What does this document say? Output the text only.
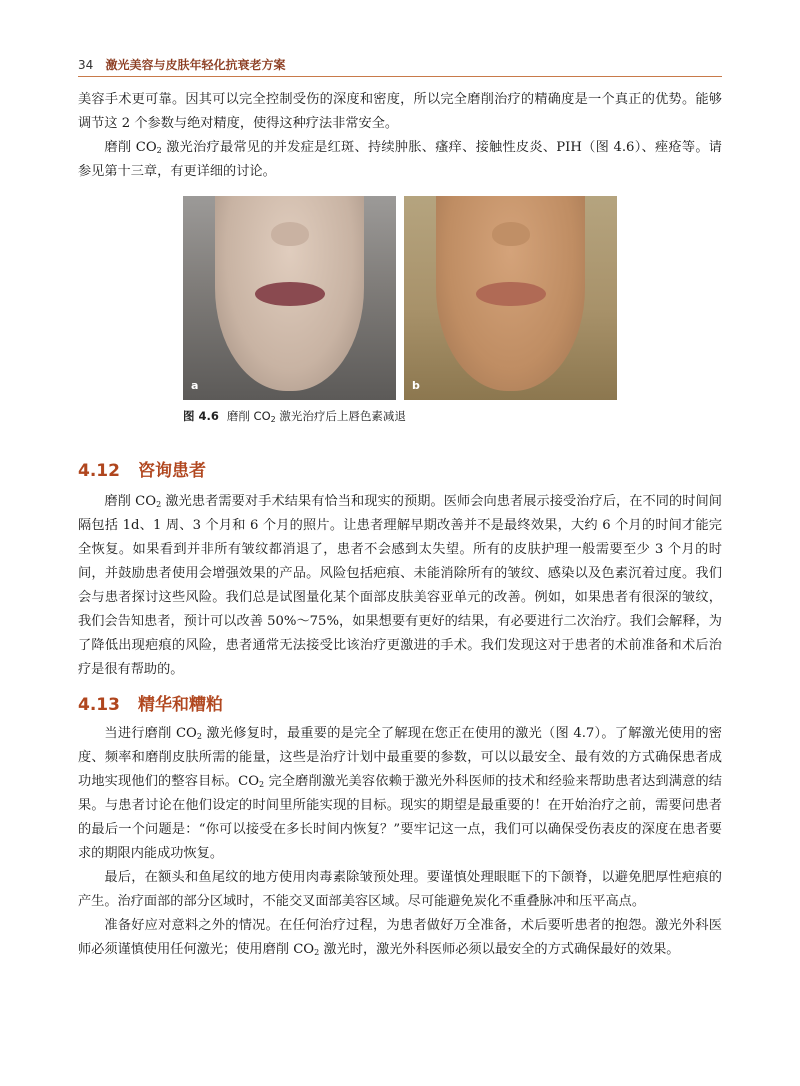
34 激光美容与皮肤年轻化抗衰老方案

美容手术更可靠。因其可以完全控制受伤的深度和密度，所以完全磨削治疗的精确度是一个真正的优势。能够调节这 2 个参数与绝对精度，使得这种疗法非常安全。

磨削 $CO_2$ 激光治疗最常见的并发症是红斑、持续肿胀、瘙痒、接触性皮炎、PIH（图 4.6）、痤疮等。请参见第十三章，有更详细的讨论。

a	b
图 4.6 磨削 $CO_2$ 激光治疗后上唇色素减退
4.12 咨询患者

磨削 $CO_2$ 激光患者需要对手术结果有恰当和现实的预期。医师会向患者展示接受治疗后，在不同的时间间隔包括 1d、1 周、3 个月和 6 个月的照片。让患者理解早期改善并不是最终效果，大约 6 个月的时间才能完全恢复。如果看到并非所有皱纹都消退了，患者不会感到太失望。所有的皮肤护理一般需要至少 3 个月的时间，并鼓励患者使用会增强效果的产品。风险包括疤痕、未能消除所有的皱纹、感染以及色素沉着过度。我们会与患者探讨这些风险。我们总是试图量化某个面部皮肤美容亚单元的改善。例如，如果患者有很深的皱纹，我们会告知患者，预计可以改善 50%～75%，如果想要有更好的结果，有必要进行二次治疗。我们会解释，为了降低出现疤痕的风险，患者通常无法接受比该治疗更激进的手术。我们发现这对于患者的术前准备和术后治疗是很有帮助的。

4.13 精华和糟粕

当进行磨削 $CO_2$ 激光修复时，最重要的是完全了解现在您正在使用的激光（图 4.7）。了解激光使用的密度、频率和磨削皮肤所需的能量，这些是治疗计划中最重要的参数，可以以最安全、最有效的方式确保患者成功地实现他们的整容目标。$CO_2$ 完全磨削激光美容依赖于激光外科医师的技术和经验来帮助患者达到满意的结果。与患者讨论在他们设定的时间里所能实现的目标。现实的期望是最重要的！在开始治疗之前，需要问患者的最后一个问题是：“你可以接受在多长时间内恢复？”要牢记这一点，我们可以确保受伤表皮的深度在患者要求的期限内能成功恢复。

最后，在额头和鱼尾纹的地方使用肉毒素除皱预处理。要谨慎处理眼眶下的下颌脊，以避免肥厚性疤痕的产生。治疗面部的部分区域时，不能交叉面部美容区域。尽可能避免炭化不重叠脉冲和压平高点。

准备好应对意料之外的情况。在任何治疗过程，为患者做好万全准备，术后要听患者的抱怨。激光外科医师必须谨慎使用任何激光；使用磨削 $CO_2$ 激光时，激光外科医师必须以最安全的方式确保最好的效果。
